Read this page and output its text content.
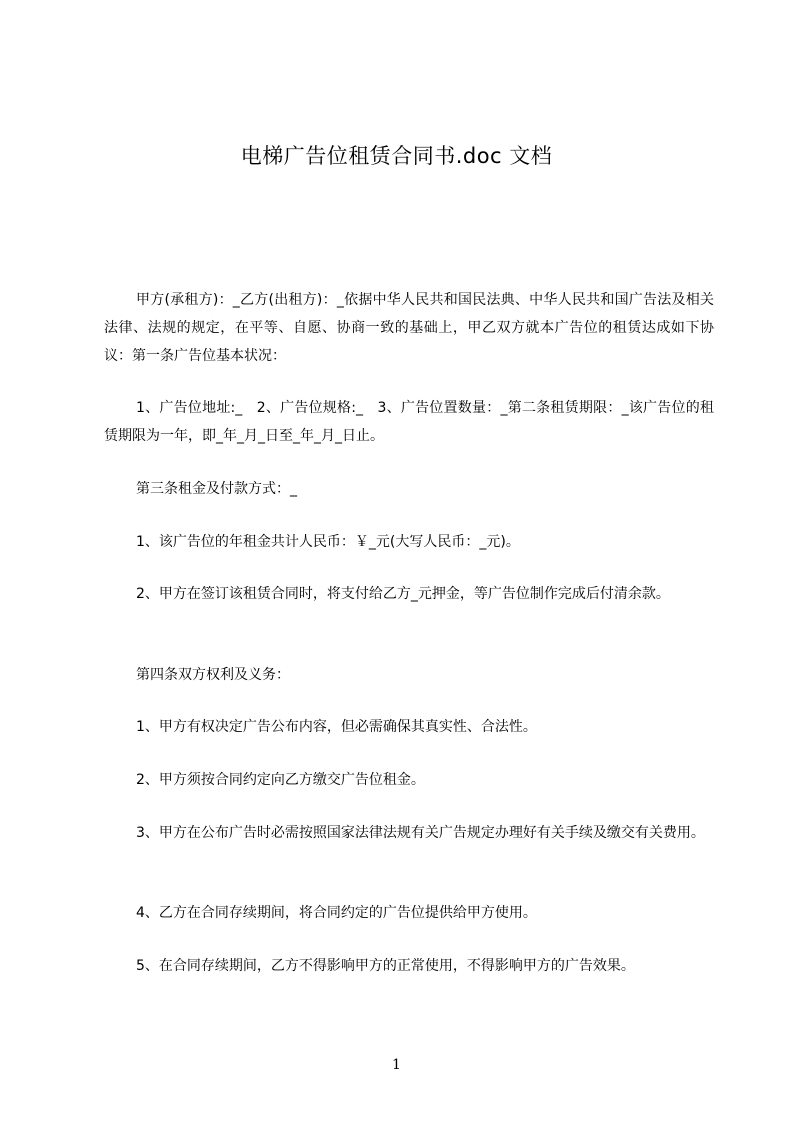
电梯广告位租赁合同书.doc 文档

甲方(承租方)：_乙方(出租方)：_依据中华人民共和国民法典、中华人民共和国广告法及相关法律、法规的规定，在平等、自愿、协商一致的基础上，甲乙双方就本广告位的租赁达成如下协议：第一条广告位基本状况：

1、广告位地址:_　2、广告位规格:_　3、广告位置数量：_第二条租赁期限：_该广告位的租赁期限为一年，即_年_月_日至_年_月_日止。

第三条租金及付款方式：_

1、该广告位的年租金共计人民币：￥_元(大写人民币：_元)。

2、甲方在签订该租赁合同时，将支付给乙方_元押金，等广告位制作完成后付清余款。

第四条双方权利及义务：

1、甲方有权决定广告公布内容，但必需确保其真实性、合法性。

2、甲方须按合同约定向乙方缴交广告位租金。

3、甲方在公布广告时必需按照国家法律法规有关广告规定办理好有关手续及缴交有关费用。

4、乙方在合同存续期间，将合同约定的广告位提供给甲方使用。

5、在合同存续期间，乙方不得影响甲方的正常使用，不得影响甲方的广告效果。

1
